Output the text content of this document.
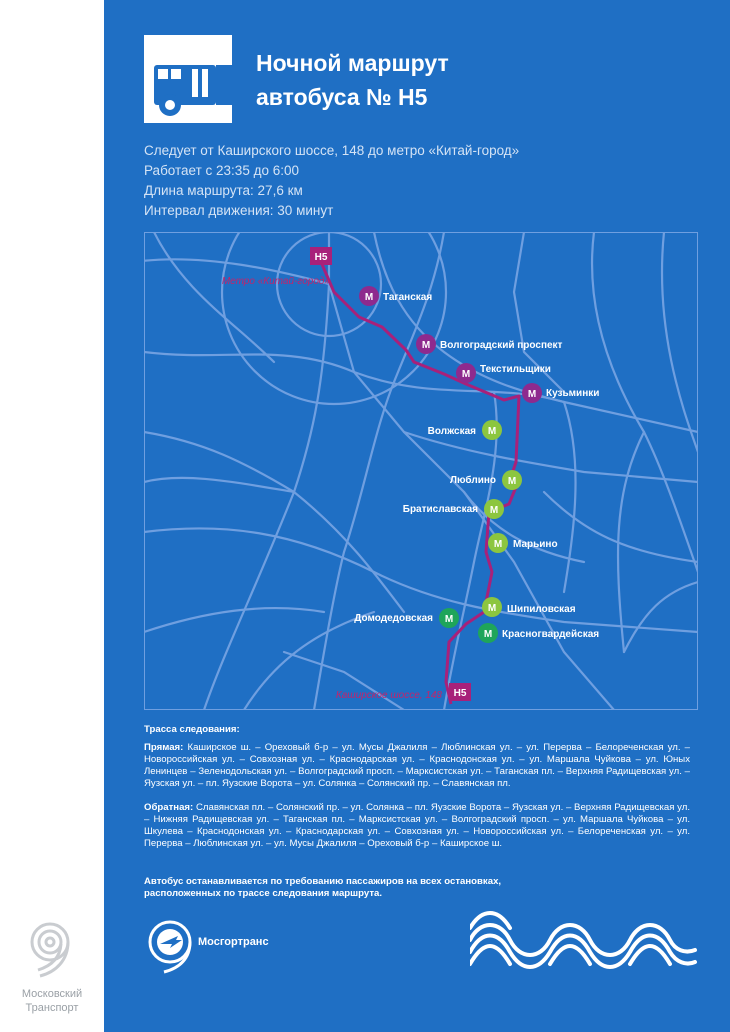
Московский
Транспорт
Ночной маршрут
автобуса № Н5
Следует от Каширского шоссе, 148 до метро «Китай-город»
Работает с 23:35 до 6:00
Длина маршрута: 27,6 км
Интервал движения: 30 минут
Н5
Метро «Китай-город»
Н5
Каширское шоссе, 148
М Таганская
М Волгоградский проспект
М Текстильщики
М Кузьминки
М
Волжская
М
Люблино
М
Братиславская
М Марьино
М
Домодедовская
М Шипиловская
М Красногвардейская
Трасса следования:
Прямая: Каширское ш. – Ореховый б-р – ул. Мусы Джалиля – Люблинская ул. – ул. Перерва – Белореченская ул. – Новороссийская ул. – Совхозная ул. – Краснодарская ул. – Краснодонская ул. – ул. Маршала Чуйкова – ул. Юных Ленинцев – Зеленодольская ул. – Волгоградский просп. – Марксистская ул. – Таганская пл. – Верхняя Радищевская ул. – Яузская ул. – пл. Яузские Ворота – ул. Солянка – Солянский пр. – Славянская пл.
Обратная: Славянская пл. – Солянский пр. – ул. Солянка – пл. Яузские Ворота – Яузская ул. – Верхняя Радищевская ул. – Нижняя Радищевская ул. – Таганская пл. – Марксистская ул. – Волгоградский просп. – ул. Маршала Чуйкова – ул. Шкулева – Краснодонская ул. – Краснодарская ул. – Совхозная ул. – Новороссийская ул. – Белореченская ул. – ул. Перерва – Люблинская ул. – ул. Мусы Джалиля – Ореховый б-р – Каширское ш.
Автобус останавливается по требованию пассажиров на всех остановках,
расположенных по трассе следования маршрута.
Мосгортранс
